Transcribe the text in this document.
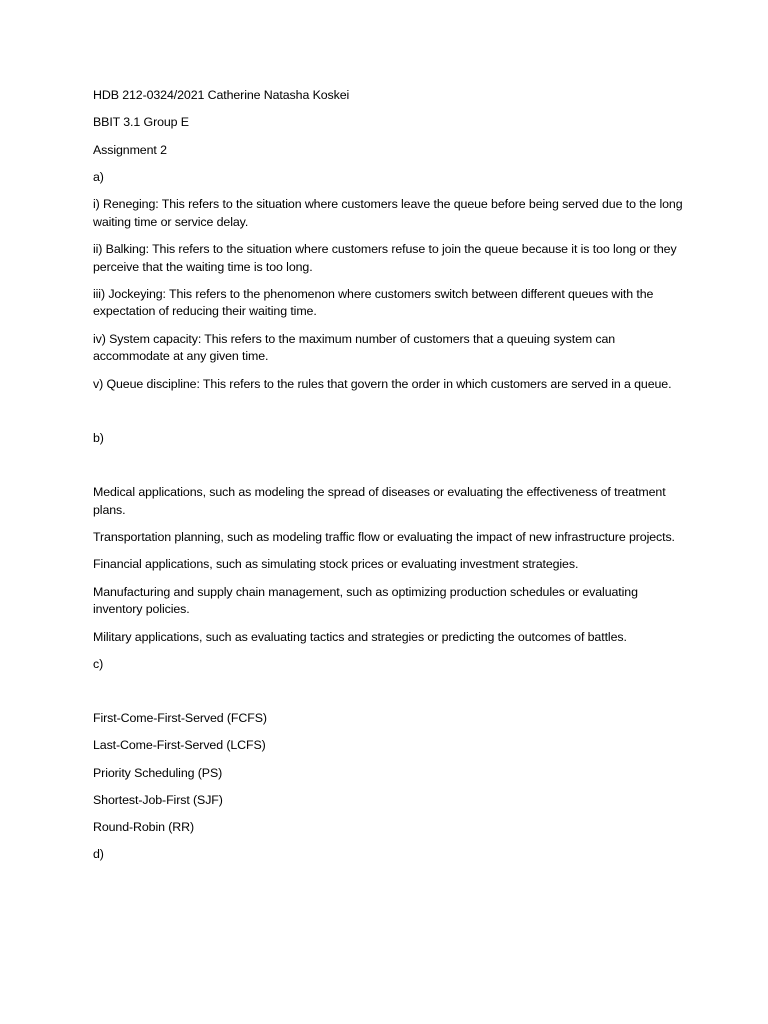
HDB 212-0324/2021 Catherine Natasha Koskei

BBIT 3.1 Group E

Assignment 2

a)

i) Reneging: This refers to the situation where customers leave the queue before being served due to the long waiting time or service delay.

ii) Balking: This refers to the situation where customers refuse to join the queue because it is too long or they perceive that the waiting time is too long.

iii) Jockeying: This refers to the phenomenon where customers switch between different queues with the expectation of reducing their waiting time.

iv) System capacity: This refers to the maximum number of customers that a queuing system can accommodate at any given time.

v) Queue discipline: This refers to the rules that govern the order in which customers are served in a queue.

b)

Medical applications, such as modeling the spread of diseases or evaluating the effectiveness of treatment plans.

Transportation planning, such as modeling traffic flow or evaluating the impact of new infrastructure projects.

Financial applications, such as simulating stock prices or evaluating investment strategies.

Manufacturing and supply chain management, such as optimizing production schedules or evaluating inventory policies.

Military applications, such as evaluating tactics and strategies or predicting the outcomes of battles.

c)

First-Come-First-Served (FCFS)

Last-Come-First-Served (LCFS)

Priority Scheduling (PS)

Shortest-Job-First (SJF)

Round-Robin (RR)

d)
